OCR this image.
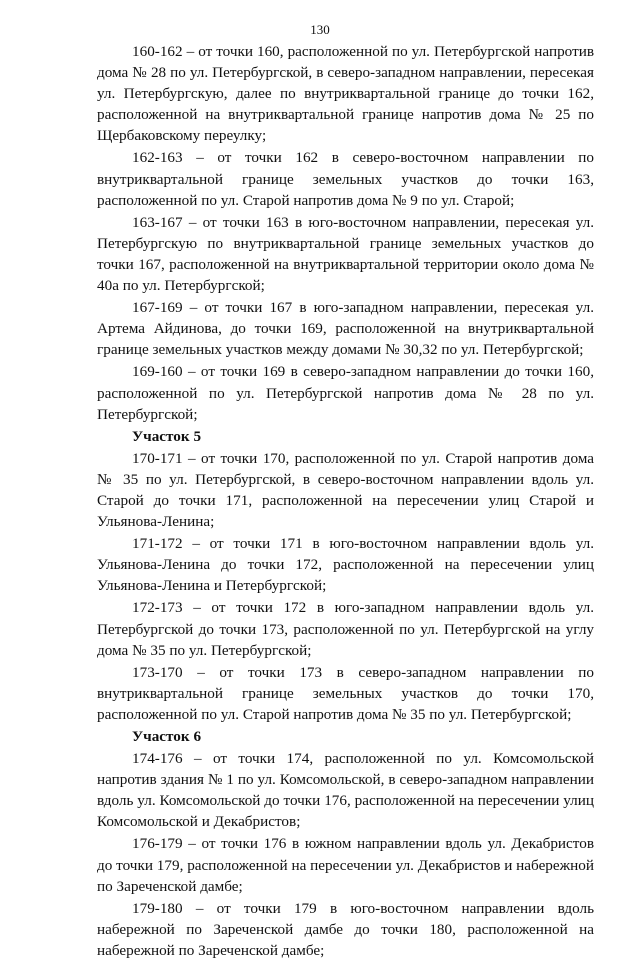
130

160-162 – от точки 160, расположенной по ул. Петербургской напротив дома № 28 по ул. Петербургской, в северо-западном направлении, пересекая ул. Петербургскую, далее по внутриквартальной границе до точки 162, расположенной на внутриквартальной границе напротив дома № 25 по Щербаковскому переулку;

162-163 – от точки 162 в северо-восточном направлении по внутриквартальной границе земельных участков до точки 163, расположенной по ул. Старой напротив дома № 9 по ул. Старой;

163-167 – от точки 163 в юго-восточном направлении, пересекая ул. Петербургскую по внутриквартальной границе земельных участков до точки 167, расположенной на внутриквартальной территории около дома № 40а по ул. Петербургской;

167-169 – от точки 167 в юго-западном направлении, пересекая ул. Артема Айдинова, до точки 169, расположенной на внутриквартальной границе земельных участков между домами № 30,32 по ул. Петербургской;

169-160 – от точки 169 в северо-западном направлении до точки 160, расположенной по ул. Петербургской напротив дома № 28 по ул. Петербургской;

Участок 5

170-171 – от точки 170, расположенной по ул. Старой напротив дома № 35 по ул. Петербургской, в северо-восточном направлении вдоль ул. Старой до точки 171, расположенной на пересечении улиц Старой и Ульянова-Ленина;

171-172 – от точки 171 в юго-восточном направлении вдоль ул. Ульянова-Ленина до точки 172, расположенной на пересечении улиц Ульянова-Ленина и Петербургской;

172-173 – от точки 172 в юго-западном направлении вдоль ул. Петербургской до точки 173, расположенной по ул. Петербургской на углу дома № 35 по ул. Петербургской;

173-170 – от точки 173 в северо-западном направлении по внутриквартальной границе земельных участков до точки 170, расположенной по ул. Старой напротив дома № 35 по ул. Петербургской;

Участок 6

174-176 – от точки 174, расположенной по ул. Комсомольской напротив здания № 1 по ул. Комсомольской, в северо-западном направлении вдоль ул. Комсомольской до точки 176, расположенной на пересечении улиц Комсомольской и Декабристов;

176-179 – от точки 176 в южном направлении вдоль ул. Декабристов до точки 179, расположенной на пересечении ул. Декабристов и набережной по Зареченской дамбе;

179-180 – от точки 179 в юго-восточном направлении вдоль набережной по Зареченской дамбе до точки 180, расположенной на набережной по Зареченской дамбе;
